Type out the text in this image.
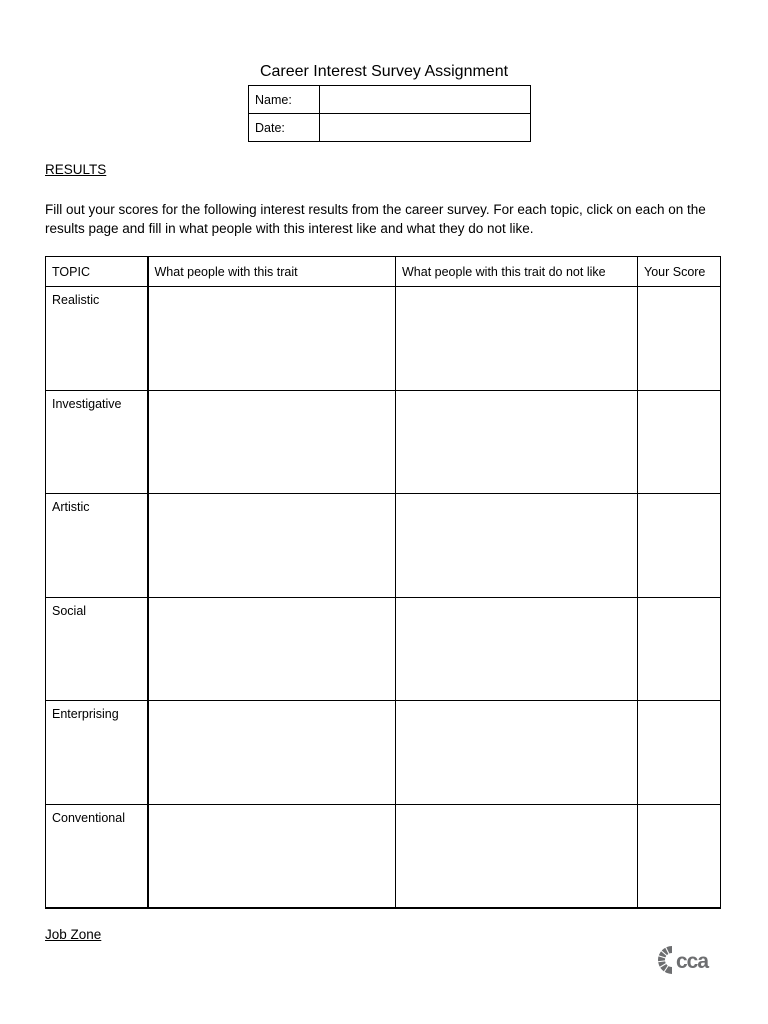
Career Interest Survey Assignment
Name:	
Date:	
RESULTS
Fill out your scores for the following interest results from the career survey. For each topic, click on each on the results page and fill in what people with this interest like and what they do not like.
TOPIC	What people with this trait	What people with this trait do not like	Your Score
Realistic			
Investigative			
Artistic			
Social			
Enterprising			
Conventional			
Job Zone
cca
